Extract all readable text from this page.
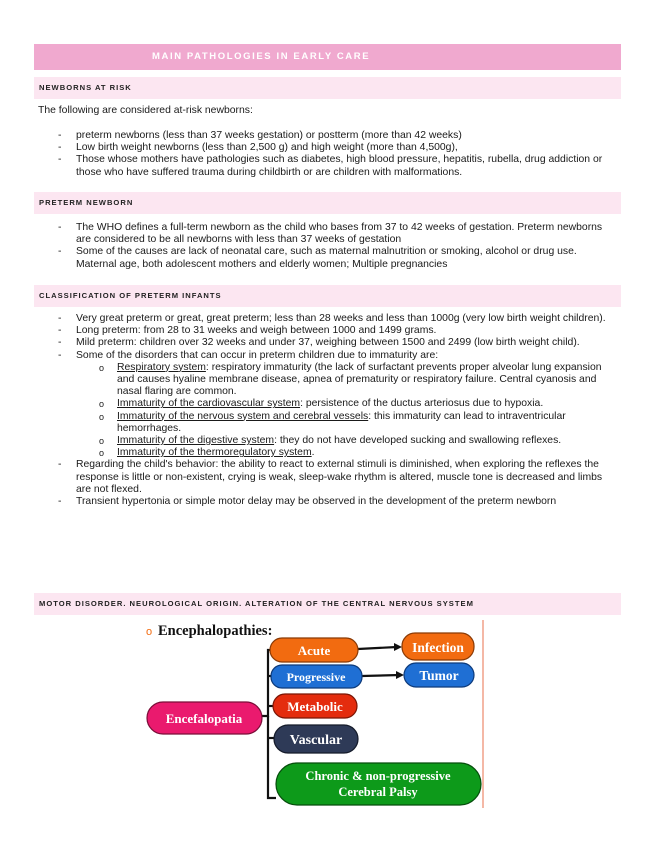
MAIN PATHOLOGIES IN EARLY CARE
NEWBORNS AT RISK
The following are considered at-risk newborns:
- preterm newborns (less than 37 weeks gestation) or postterm (more than 42 weeks)
- Low birth weight newborns (less than 2,500 g) and high weight (more than 4,500g),
- Those whose mothers have pathologies such as diabetes, high blood pressure, hepatitis, rubella, drug addiction or those who have suffered trauma during childbirth or are children with malformations.
PRETERM NEWBORN
- The WHO defines a full-term newborn as the child who bases from 37 to 42 weeks of gestation. Preterm newborns are considered to be all newborns with less than 37 weeks of gestation
- Some of the causes are lack of neonatal care, such as maternal malnutrition or smoking, alcohol or drug use. Maternal age, both adolescent mothers and elderly women; Multiple pregnancies
CLASSIFICATION OF PRETERM INFANTS
- Very great preterm or great, great preterm; less than 28 weeks and less than 1000g (very low birth weight children).
- Long preterm: from 28 to 31 weeks and weigh between 1000 and 1499 grams.
- Mild preterm: children over 32 weeks and under 37, weighing between 1500 and 2499 (low birth weight child).
- Some of the disorders that can occur in preterm children due to immaturity are:
o Respiratory system: respiratory immaturity (the lack of surfactant prevents proper alveolar lung expansion and causes hyaline membrane disease, apnea of prematurity or respiratory failure. Central cyanosis and nasal flaring are common.
o Immaturity of the cardiovascular system: persistence of the ductus arteriosus due to hypoxia.
o Immaturity of the nervous system and cerebral vessels: this immaturity can lead to intraventricular hemorrhages.
o Immaturity of the digestive system: they do not have developed sucking and swallowing reflexes.
o Immaturity of the thermoregulatory system.
- Regarding the child's behavior: the ability to react to external stimuli is diminished, when exploring the reflexes the response is little or non-existent, crying is weak, sleep-wake rhythm is altered, muscle tone is decreased and limbs are not flexed.
- Transient hypertonia or simple motor delay may be observed in the development of the preterm newborn
MOTOR DISORDER. NEUROLOGICAL ORIGIN. ALTERATION OF THE CENTRAL NERVOUS SYSTEM
o Encephalopathies:
Encefalopatia
Acute
Progressive
Metabolic
Vascular
Chronic & non-progressive
Cerebral Palsy
Infection
Tumor
